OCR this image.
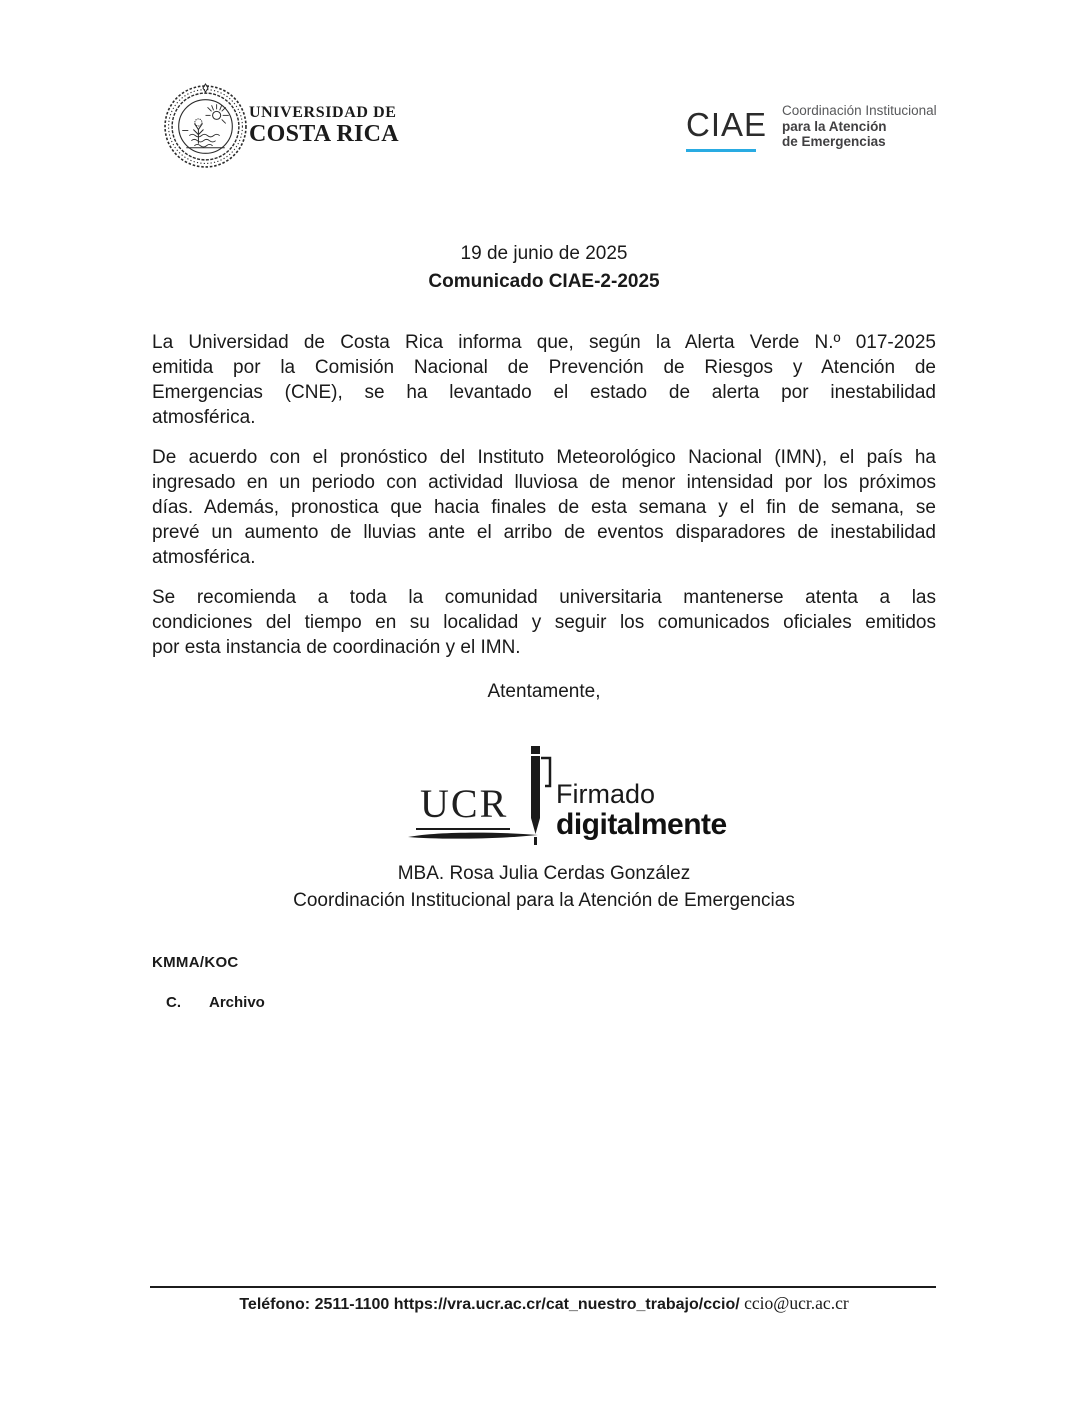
UNIVERSIDAD DE
COSTA RICA	CIAE Coordinación Institucional
para la Atención
de Emergencias
19 de junio de 2025
Comunicado CIAE-2-2025
La Universidad de Costa Rica informa que, según la Alerta Verde N.º 017-2025
emitida por la Comisión Nacional de Prevención de Riesgos y Atención de
Emergencias (CNE), se ha levantado el estado de alerta por inestabilidad
atmosférica.
De acuerdo con el pronóstico del Instituto Meteorológico Nacional (IMN), el país ha
ingresado en un periodo con actividad lluviosa de menor intensidad por los próximos
días. Además, pronostica que hacia finales de esta semana y el fin de semana, se
prevé un aumento de lluvias ante el arribo de eventos disparadores de inestabilidad
atmosférica.
Se recomienda a toda la comunidad universitaria mantenerse atenta a las
condiciones del tiempo en su localidad y seguir los comunicados oficiales emitidos
por esta instancia de coordinación y el IMN.
Atentamente,
UCR Firmado
digitalmente
MBA. Rosa Julia Cerdas González
Coordinación Institucional para la Atención de Emergencias
KMMA/KOC
C. Archivo
Teléfono: 2511-1100 https://vra.ucr.ac.cr/cat_nuestro_trabajo/ccio/ ccio@ucr.ac.cr
